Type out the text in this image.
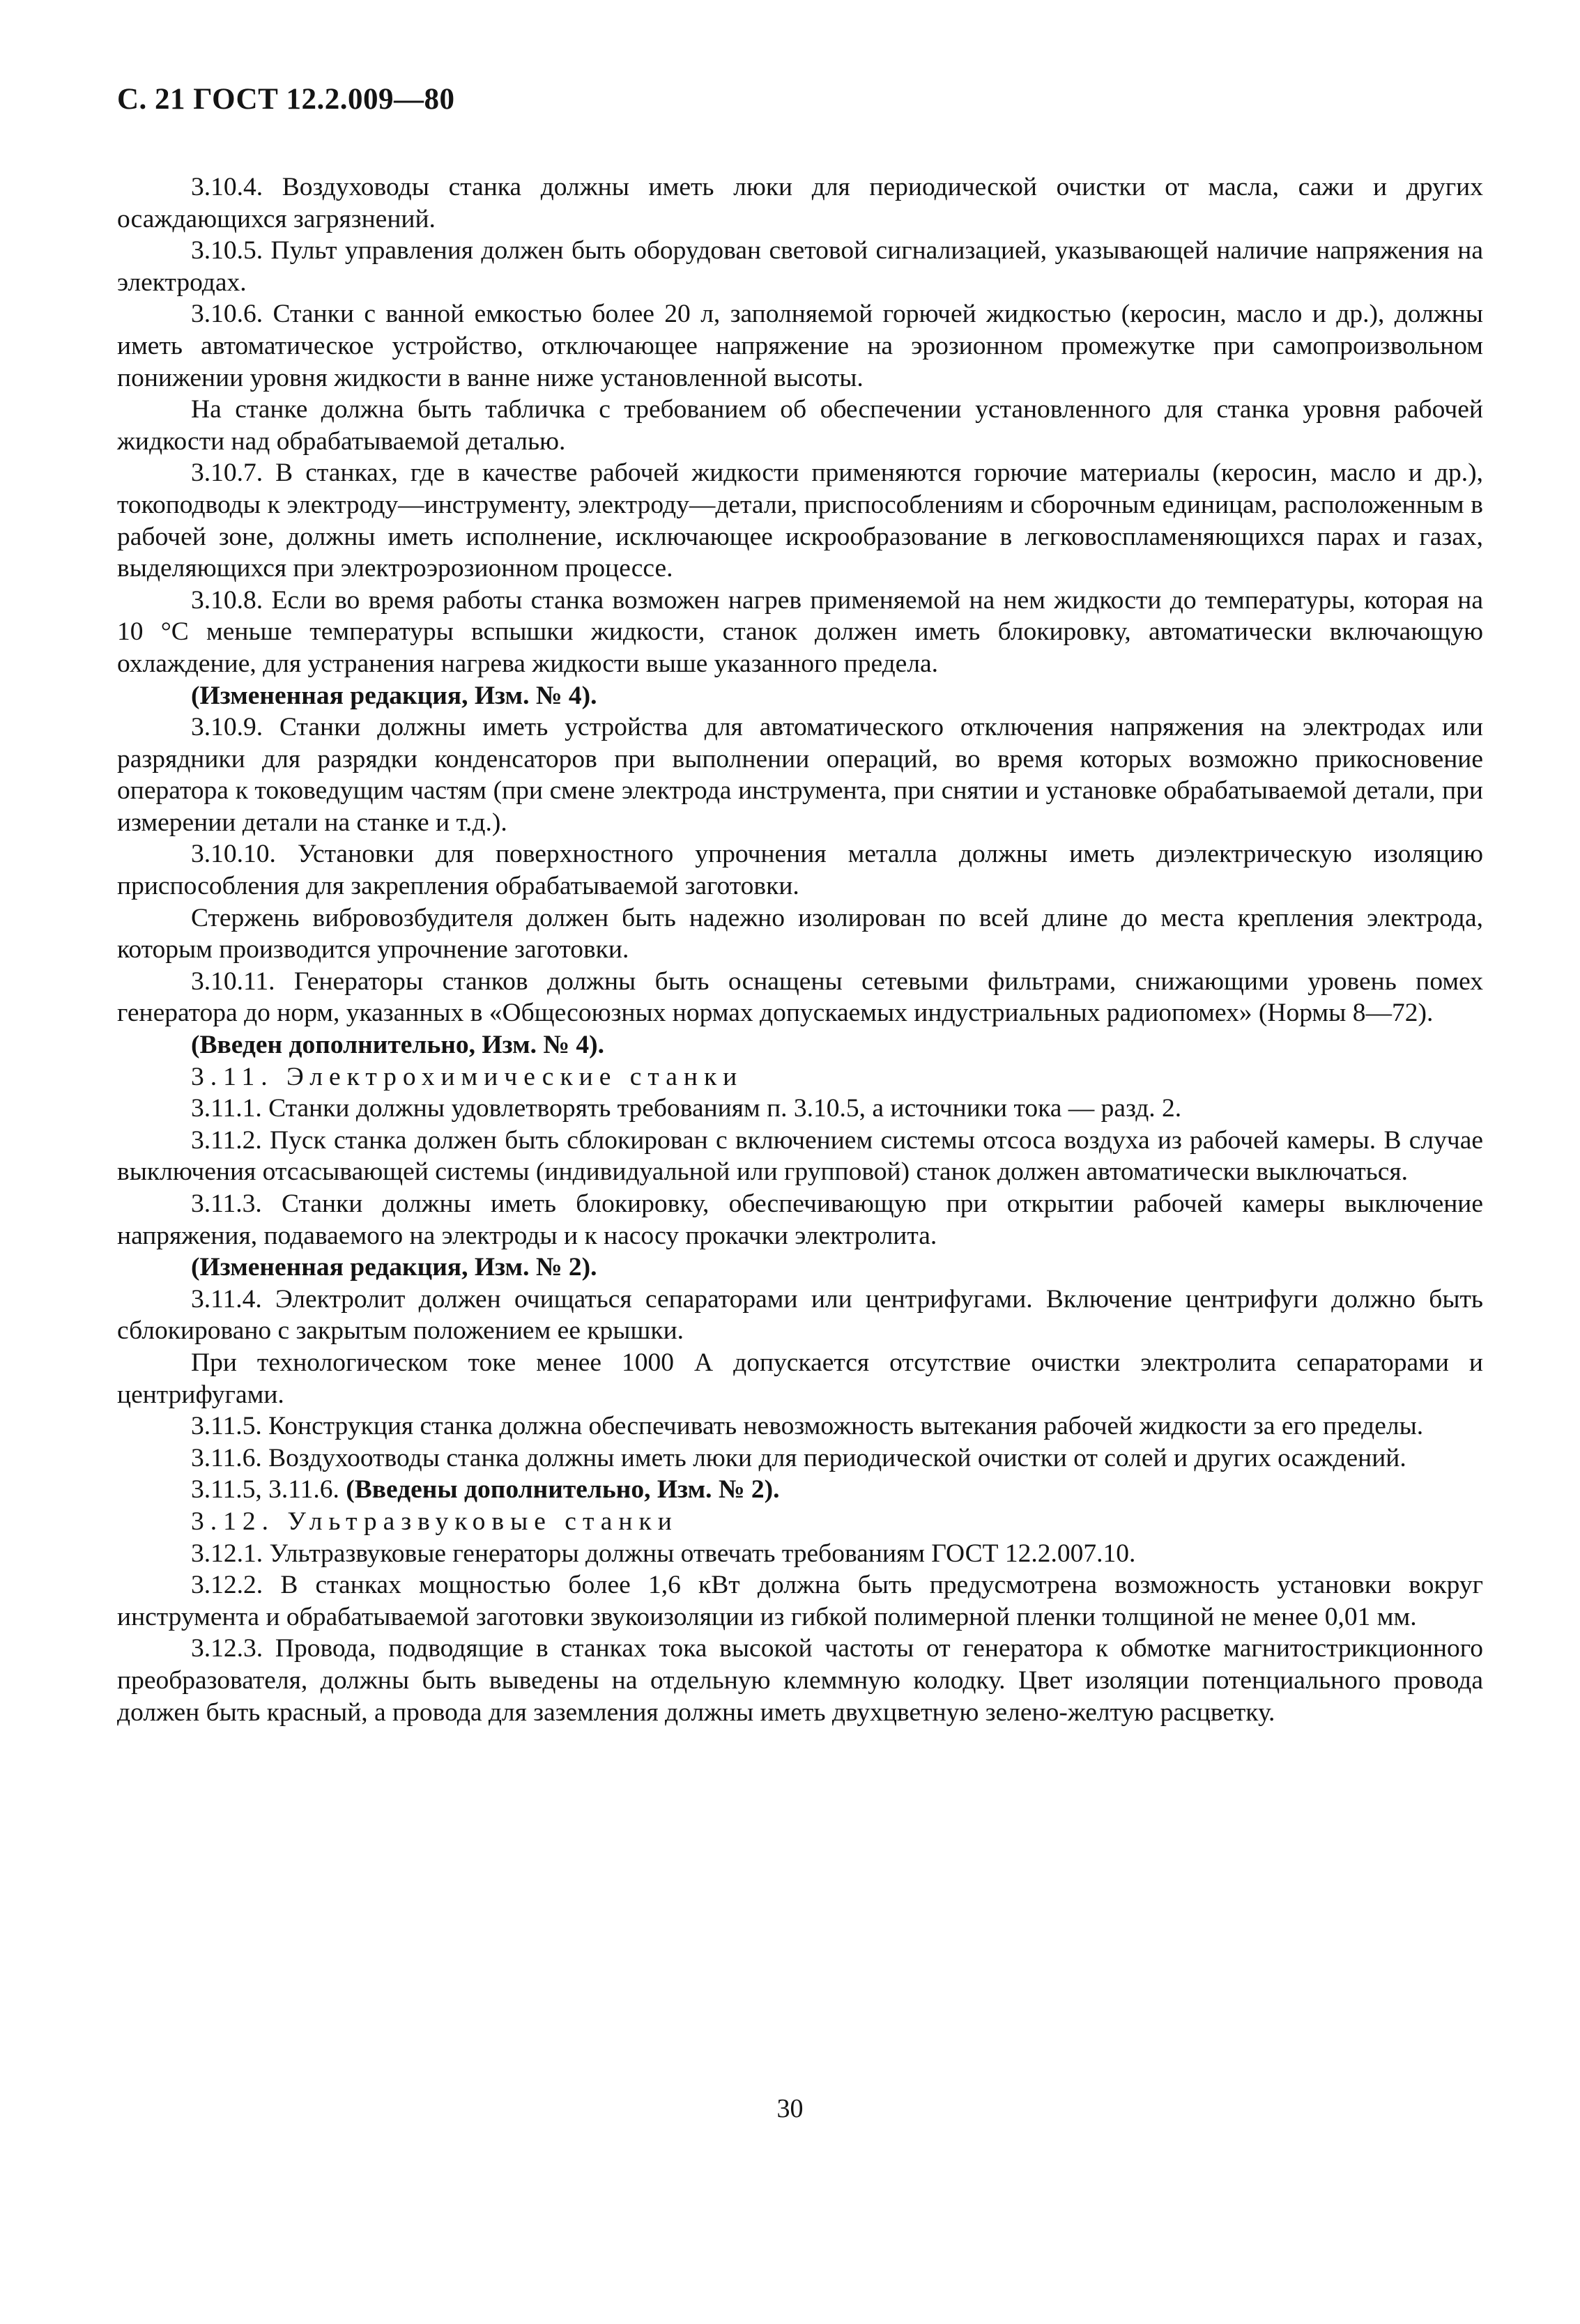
С. 21 ГОСТ 12.2.009—80

3.10.4. Воздуховоды станка должны иметь люки для периодической очистки от масла, сажи и других осаждающихся загрязнений.

3.10.5. Пульт управления должен быть оборудован световой сигнализацией, указывающей наличие напряжения на электродах.

3.10.6. Станки с ванной емкостью более 20 л, заполняемой горючей жидкостью (керосин, масло и др.), должны иметь автоматическое устройство, отключающее напряжение на эрозионном промежутке при самопроизвольном понижении уровня жидкости в ванне ниже установленной высоты.

На станке должна быть табличка с требованием об обеспечении установленного для станка уровня рабочей жидкости над обрабатываемой деталью.

3.10.7. В станках, где в качестве рабочей жидкости применяются горючие материалы (керосин, масло и др.), токоподводы к электроду—инструменту, электроду—детали, приспособлениям и сборочным единицам, расположенным в рабочей зоне, должны иметь исполнение, исключающее искрообразование в легковоспламеняющихся парах и газах, выделяющихся при электроэрозионном процессе.

3.10.8. Если во время работы станка возможен нагрев применяемой на нем жидкости до температуры, которая на 10 °С меньше температуры вспышки жидкости, станок должен иметь блокировку, автоматически включающую охлаждение, для устранения нагрева жидкости выше указанного предела.

(Измененная редакция, Изм. № 4).

3.10.9. Станки должны иметь устройства для автоматического отключения напряжения на электродах или разрядники для разрядки конденсаторов при выполнении операций, во время которых возможно прикосновение оператора к токоведущим частям (при смене электрода инструмента, при снятии и установке обрабатываемой детали, при измерении детали на станке и т.д.).

3.10.10. Установки для поверхностного упрочнения металла должны иметь диэлектрическую изоляцию приспособления для закрепления обрабатываемой заготовки.

Стержень вибровозбудителя должен быть надежно изолирован по всей длине до места крепления электрода, которым производится упрочнение заготовки.

3.10.11. Генераторы станков должны быть оснащены сетевыми фильтрами, снижающими уровень помех генератора до норм, указанных в «Общесоюзных нормах допускаемых индустриальных радиопомех» (Нормы 8—72).

(Введен дополнительно, Изм. № 4).

3.11. Электрохимические станки

3.11.1. Станки должны удовлетворять требованиям п. 3.10.5, а источники тока — разд. 2.

3.11.2. Пуск станка должен быть сблокирован с включением системы отсоса воздуха из рабочей камеры. В случае выключения отсасывающей системы (индивидуальной или групповой) станок должен автоматически выключаться.

3.11.3. Станки должны иметь блокировку, обеспечивающую при открытии рабочей камеры выключение напряжения, подаваемого на электроды и к насосу прокачки электролита.

(Измененная редакция, Изм. № 2).

3.11.4. Электролит должен очищаться сепараторами или центрифугами. Включение центрифуги должно быть сблокировано с закрытым положением ее крышки.

При технологическом токе менее 1000 А допускается отсутствие очистки электролита сепараторами и центрифугами.

3.11.5. Конструкция станка должна обеспечивать невозможность вытекания рабочей жидкости за его пределы.

3.11.6. Воздухоотводы станка должны иметь люки для периодической очистки от солей и других осаждений.

3.11.5, 3.11.6. (Введены дополнительно, Изм. № 2).

3.12. Ультразвуковые станки

3.12.1. Ультразвуковые генераторы должны отвечать требованиям ГОСТ 12.2.007.10.

3.12.2. В станках мощностью более 1,6 кВт должна быть предусмотрена возможность установки вокруг инструмента и обрабатываемой заготовки звукоизоляции из гибкой полимерной пленки толщиной не менее 0,01 мм.

3.12.3. Провода, подводящие в станках тока высокой частоты от генератора к обмотке магнитострикционного преобразователя, должны быть выведены на отдельную клеммную колодку. Цвет изоляции потенциального провода должен быть красный, а провода для заземления должны иметь двухцветную зелено-желтую расцветку.

30
